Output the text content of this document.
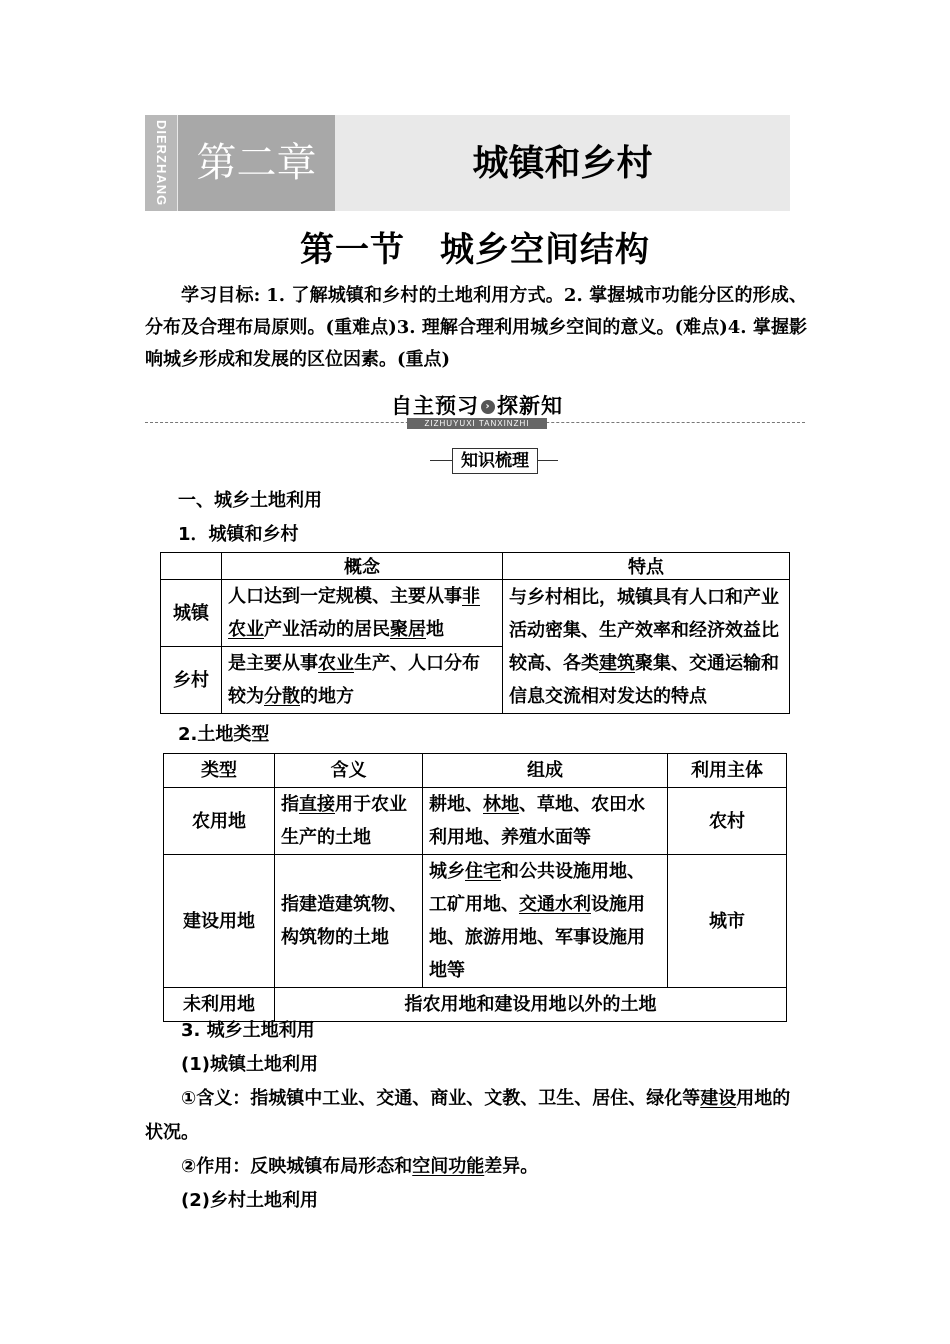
DIERZHANG 第二章	城镇和乡村
第一节　城乡空间结构
学习目标: 1. 了解城镇和乡村的土地利用方式。2. 掌握城市功能分区的形成、分布及合理布局原则。(重难点)3. 理解合理利用城乡空间的意义。(难点)4. 掌握影响城乡形成和发展的区位因素。(重点)
自主预习 › 探新知
ZIZHUYUXI TANXINZHI
知识梳理
一、城乡土地利用
1．城镇和乡村
	概念	特点
城镇	人口达到一定规模、主要从事非农业产业活动的居民聚居地	与乡村相比，城镇具有人口和产业活动密集、生产效率和经济效益比较高、各类建筑聚集、交通运输和信息交流相对发达的特点
乡村	是主要从事农业生产、人口分布较为分散的地方	
2.土地类型
类型	含义	组成	利用主体
农用地	指直接用于农业生产的土地	耕地、林地、草地、农田水利用地、养殖水面等	农村
建设用地	指建造建筑物、构筑物的土地	城乡住宅和公共设施用地、工矿用地、交通水利设施用地、旅游用地、军事设施用地等	城市
未利用地	指农用地和建设用地以外的土地		
3. 城乡土地利用
(1)城镇土地利用
①含义：指城镇中工业、交通、商业、文教、卫生、居住、绿化等建设用地的状况。
②作用：反映城镇布局形态和空间功能差异。
(2)乡村土地利用
